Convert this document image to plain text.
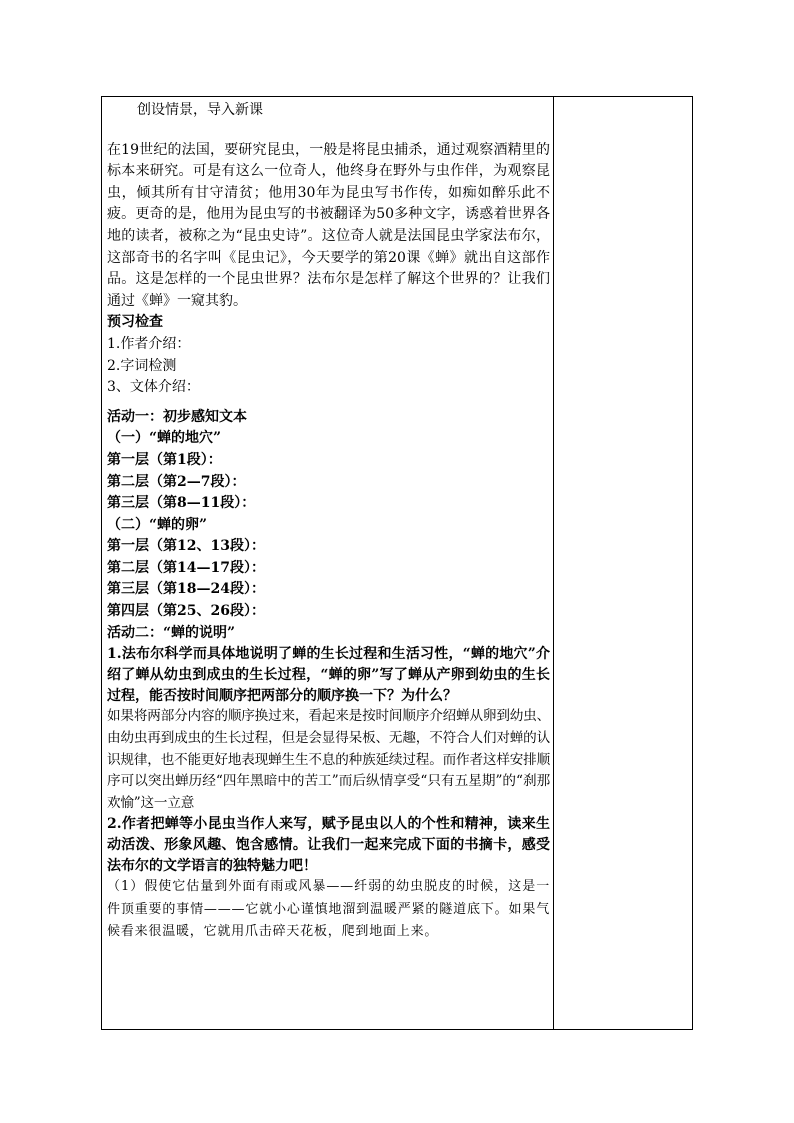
创设情景，导入新课

在19世纪的法国，要研究昆虫，一般是将昆虫捕杀，通过观察酒精里的标本来研究。可是有这么一位奇人，他终身在野外与虫作伴，为观察昆虫，倾其所有甘守清贫；他用30年为昆虫写书作传，如痴如醉乐此不疲。更奇的是，他用为昆虫写的书被翻译为50多种文字，诱惑着世界各地的读者，被称之为“昆虫史诗”。这位奇人就是法国昆虫学家法布尔，这部奇书的名字叫《昆虫记》，今天要学的第20课《蝉》就出自这部作品。这是怎样的一个昆虫世界？法布尔是怎样了解这个世界的？让我们通过《蝉》一窥其豹。

预习检查

1.作者介绍：

2.字词检测

3、文体介绍：

活动一：初步感知文本

（一）“蝉的地穴”

第一层（第1段）：

第二层（第2—7段）：

第三层（第8—11段）：

（二）“蝉的卵”

第一层（第12、13段）：

第二层（第14—17段）：

第三层（第18—24段）：

第四层（第25、26段）：

活动二：“蝉的说明”

1.法布尔科学而具体地说明了蝉的生长过程和生活习性，“蝉的地穴”介绍了蝉从幼虫到成虫的生长过程，“蝉的卵”写了蝉从产卵到幼虫的生长过程，能否按时间顺序把两部分的顺序换一下？为什么？

如果将两部分内容的顺序换过来，看起来是按时间顺序介绍蝉从卵到幼虫、由幼虫再到成虫的生长过程，但是会显得呆板、无趣，不符合人们对蝉的认识规律，也不能更好地表现蝉生生不息的种族延续过程。而作者这样安排顺序可以突出蝉历经“四年黑暗中的苦工”而后纵情享受“只有五星期”的“刹那欢愉”这一立意

2.作者把蝉等小昆虫当作人来写，赋予昆虫以人的个性和精神，读来生动活泼、形象风趣、饱含感情。让我们一起来完成下面的书摘卡，感受法布尔的文学语言的独特魅力吧！

（1）假使它估量到外面有雨或风暴——纤弱的幼虫脱皮的时候，这是一件顶重要的事情———它就小心谨慎地溜到温暖严紧的隧道底下。如果气候看来很温暖，它就用爪击碎天花板，爬到地面上来。
